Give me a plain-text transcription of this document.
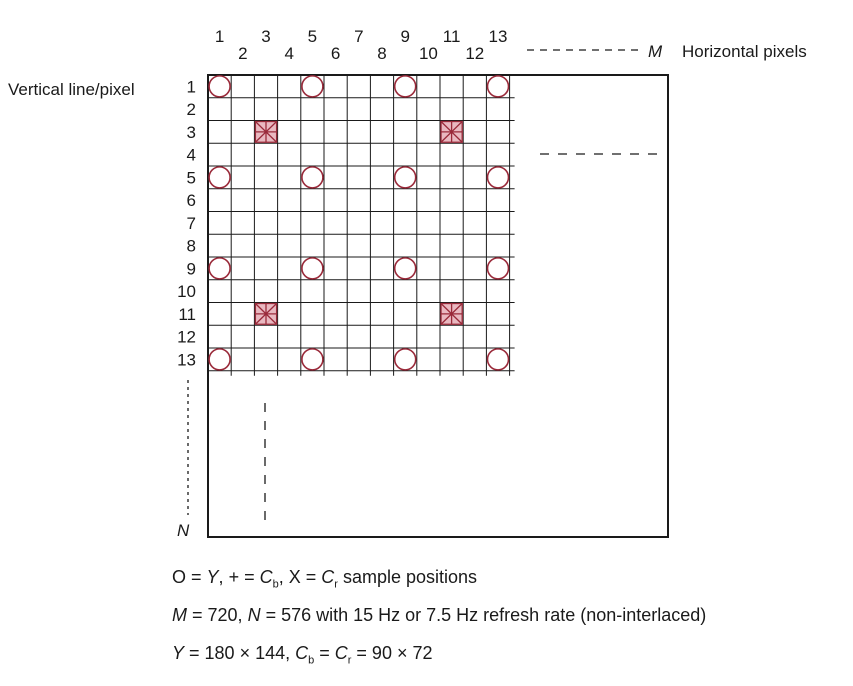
1
2
3
4
5
6
7
8
9
10
11
12
13
1
2
3
4
5
6
7
8
9
10
11
12
13
M Horizontal pixels
Vertical line/pixel
N
O = Y, + = $C_b$, $X = C_r$ sample positions
M = 720, N = 576 with 15 Hz or 7.5 Hz refresh rate (non-interlaced)
Y = 180 × 144, $C_b = C_r = 90 \times 72$
